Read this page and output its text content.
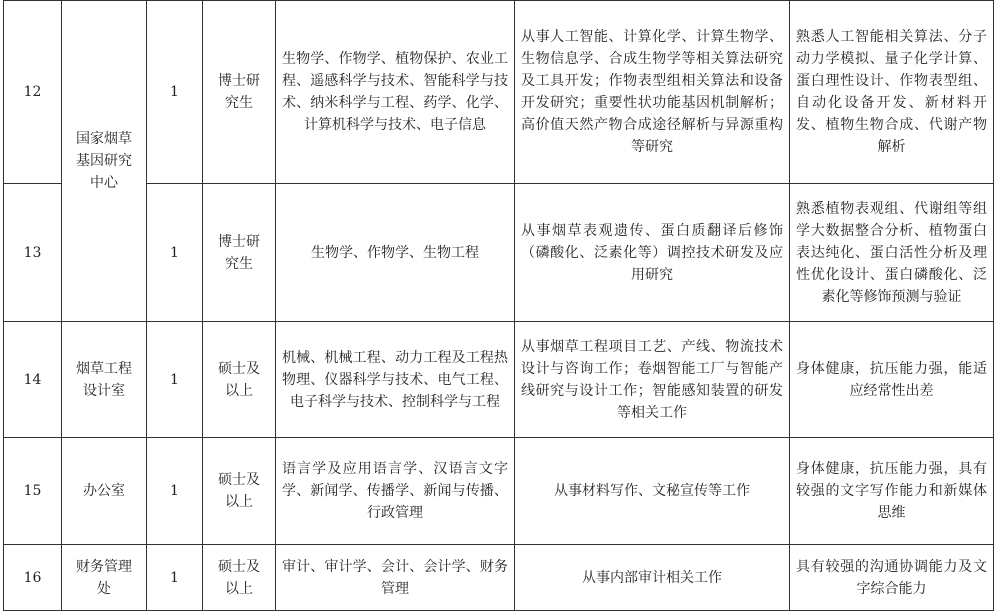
12	国家烟草基因研究中心	1	博士研究生	生物学、作物学、植物保护、农业工程、遥感科学与技术、智能科学与技术、纳米科学与工程、药学、化学、计算机科学与技术、电子信息	从事人工智能、计算化学、计算生物学、生物信息学、合成生物学等相关算法研究及工具开发；作物表型组相关算法和设备开发研究；重要性状功能基因机制解析；高价值天然产物合成途径解析与异源重构等研究	熟悉人工智能相关算法、分子动力学模拟、量子化学计算、蛋白理性设计、作物表型组、自动化设备开发、新材料开发、植物生物合成、代谢产物解析
13		1	博士研究生	生物学、作物学、生物工程	从事烟草表观遗传、蛋白质翻译后修饰（磷酸化、泛素化等）调控技术研发及应用研究	熟悉植物表观组、代谢组等组学大数据整合分析、植物蛋白表达纯化、蛋白活性分析及理性优化设计、蛋白磷酸化、泛素化等修饰预测与验证
14	烟草工程设计室	1	硕士及以上	机械、机械工程、动力工程及工程热物理、仪器科学与技术、电气工程、电子科学与技术、控制科学与工程	从事烟草工程项目工艺、产线、物流技术设计与咨询工作；卷烟智能工厂与智能产线研究与设计工作；智能感知装置的研发等相关工作	身体健康，抗压能力强，能适应经常性出差
15	办公室	1	硕士及以上	语言学及应用语言学、汉语言文字学、新闻学、传播学、新闻与传播、行政管理	从事材料写作、文秘宣传等工作	身体健康，抗压能力强，具有较强的文字写作能力和新媒体思维
16	财务管理处	1	硕士及以上	审计、审计学、会计、会计学、财务管理	从事内部审计相关工作	具有较强的沟通协调能力及文字综合能力
